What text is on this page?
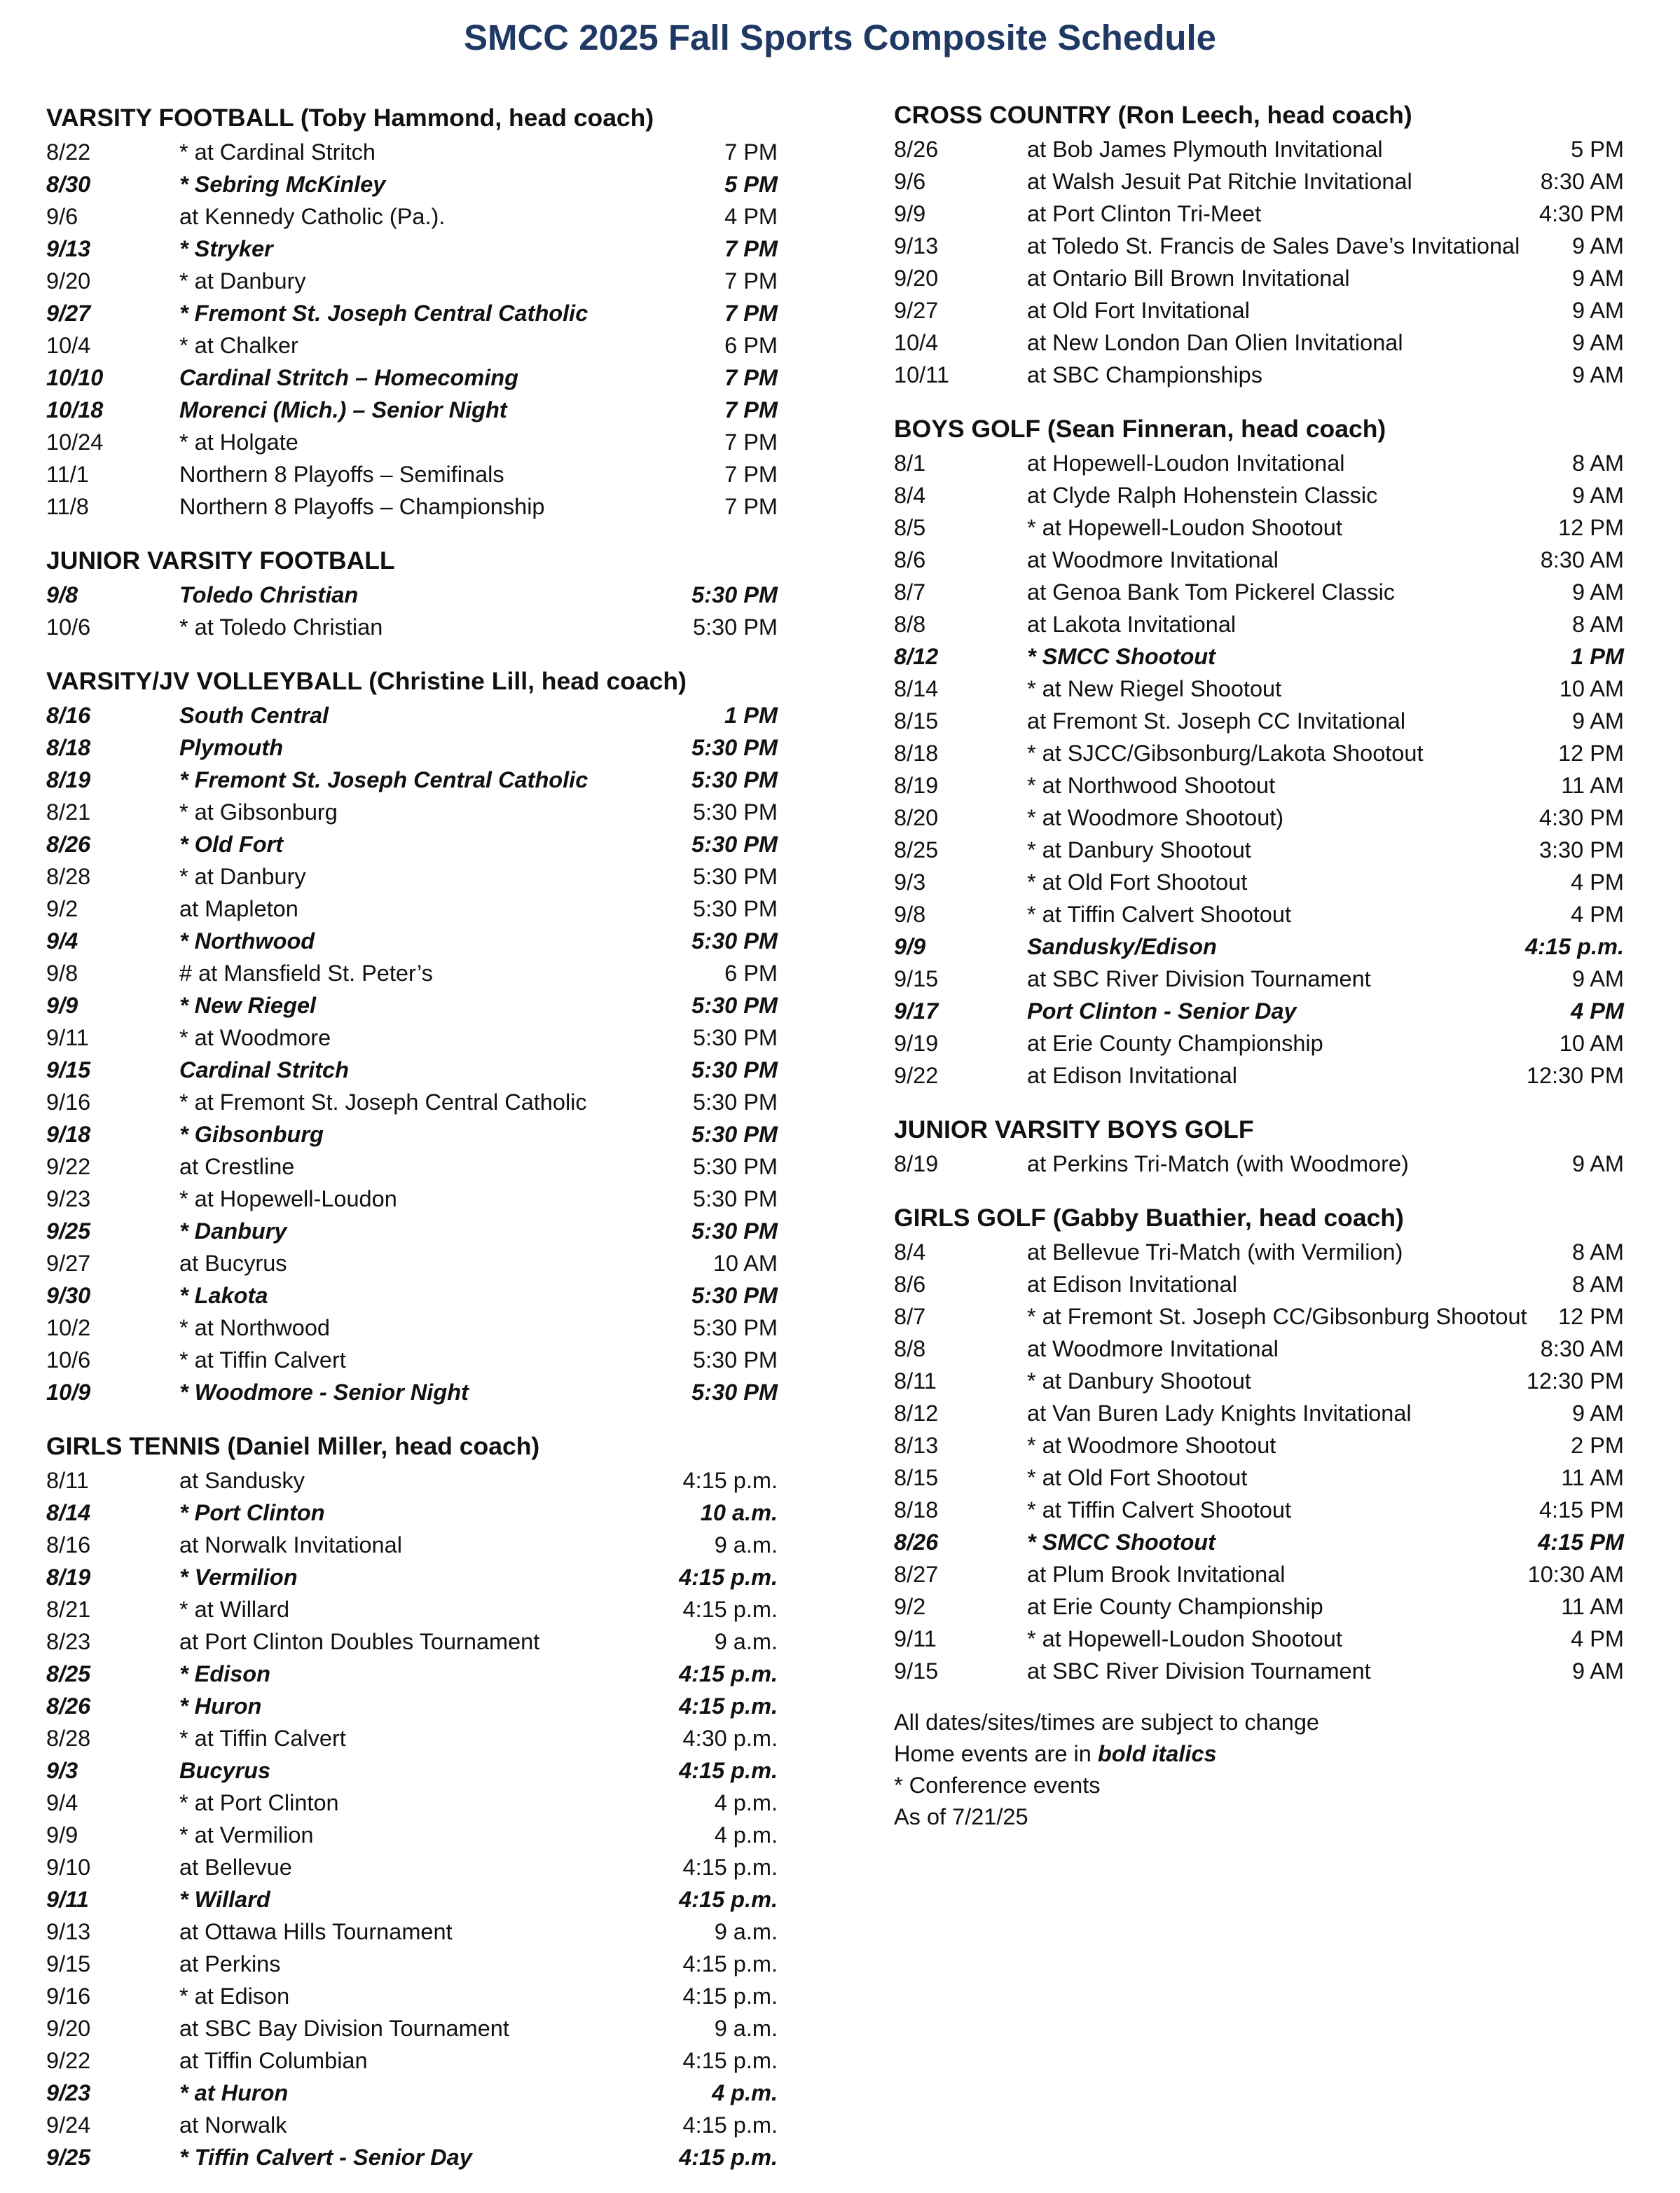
SMCC 2025 Fall Sports Composite Schedule
VARSITY FOOTBALL (Toby Hammond, head coach)
8/22	* at Cardinal Stritch	7 PM
8/30	* Sebring McKinley	5 PM
9/6	at Kennedy Catholic (Pa.).	4 PM
9/13	* Stryker	7 PM
9/20	* at Danbury	7 PM
9/27	* Fremont St. Joseph Central Catholic	7 PM
10/4	* at Chalker	6 PM
10/10	Cardinal Stritch – Homecoming	7 PM
10/18	Morenci (Mich.) – Senior Night	7 PM
10/24	* at Holgate	7 PM
11/1	Northern 8 Playoffs – Semifinals	7 PM
11/8	Northern 8 Playoffs – Championship	7 PM
JUNIOR VARSITY FOOTBALL
9/8	Toledo Christian	5:30 PM
10/6	* at Toledo Christian	5:30 PM
VARSITY/JV VOLLEYBALL (Christine Lill, head coach)
8/16	South Central	1 PM
8/18	Plymouth	5:30 PM
8/19	* Fremont St. Joseph Central Catholic	5:30 PM
8/21	* at Gibsonburg	5:30 PM
8/26	* Old Fort	5:30 PM
8/28	* at Danbury	5:30 PM
9/2	at Mapleton	5:30 PM
9/4	* Northwood	5:30 PM
9/8	# at Mansfield St. Peter’s	6 PM
9/9	* New Riegel	5:30 PM
9/11	* at Woodmore	5:30 PM
9/15	Cardinal Stritch	5:30 PM
9/16	* at Fremont St. Joseph Central Catholic	5:30 PM
9/18	* Gibsonburg	5:30 PM
9/22	at Crestline	5:30 PM
9/23	* at Hopewell-Loudon	5:30 PM
9/25	* Danbury	5:30 PM
9/27	at Bucyrus	10 AM
9/30	* Lakota	5:30 PM
10/2	* at Northwood	5:30 PM
10/6	* at Tiffin Calvert	5:30 PM
10/9	* Woodmore - Senior Night	5:30 PM
GIRLS TENNIS (Daniel Miller, head coach)
8/11	at Sandusky	4:15 p.m.
8/14	* Port Clinton	10 a.m.
8/16	at Norwalk Invitational	9 a.m.
8/19	* Vermilion	4:15 p.m.
8/21	* at Willard	4:15 p.m.
8/23	at Port Clinton Doubles Tournament	9 a.m.
8/25	* Edison	4:15 p.m.
8/26	* Huron	4:15 p.m.
8/28	* at Tiffin Calvert	4:30 p.m.
9/3	Bucyrus	4:15 p.m.
9/4	* at Port Clinton	4 p.m.
9/9	* at Vermilion	4 p.m.
9/10	at Bellevue	4:15 p.m.
9/11	* Willard	4:15 p.m.
9/13	at Ottawa Hills Tournament	9 a.m.
9/15	at Perkins	4:15 p.m.
9/16	* at Edison	4:15 p.m.
9/20	at SBC Bay Division Tournament	9 a.m.
9/22	at Tiffin Columbian	4:15 p.m.
9/23	* at Huron	4 p.m.
9/24	at Norwalk	4:15 p.m.
9/25	* Tiffin Calvert - Senior Day	4:15 p.m.
CROSS COUNTRY (Ron Leech, head coach)
8/26	at Bob James Plymouth Invitational	5 PM
9/6	at Walsh Jesuit Pat Ritchie Invitational	8:30 AM
9/9	at Port Clinton Tri-Meet	4:30 PM
9/13	at Toledo St. Francis de Sales Dave’s Invitational	9 AM
9/20	at Ontario Bill Brown Invitational	9 AM
9/27	at Old Fort Invitational	9 AM
10/4	at New London Dan Olien Invitational	9 AM
10/11	at SBC Championships	9 AM
BOYS GOLF (Sean Finneran, head coach)
8/1	at Hopewell-Loudon Invitational	8 AM
8/4	at Clyde Ralph Hohenstein Classic	9 AM
8/5	* at Hopewell-Loudon Shootout	12 PM
8/6	at Woodmore Invitational	8:30 AM
8/7	at Genoa Bank Tom Pickerel Classic	9 AM
8/8	at Lakota Invitational	8 AM
8/12	* SMCC Shootout	1 PM
8/14	* at New Riegel Shootout	10 AM
8/15	at Fremont St. Joseph CC Invitational	9 AM
8/18	* at SJCC/Gibsonburg/Lakota Shootout	12 PM
8/19	* at Northwood Shootout	11 AM
8/20	* at Woodmore Shootout)	4:30 PM
8/25	* at Danbury Shootout	3:30 PM
9/3	* at Old Fort Shootout	4 PM
9/8	* at Tiffin Calvert Shootout	4 PM
9/9	Sandusky/Edison	4:15 p.m.
9/15	at SBC River Division Tournament	9 AM
9/17	Port Clinton - Senior Day	4 PM
9/19	at Erie County Championship	10 AM
9/22	at Edison Invitational	12:30 PM
JUNIOR VARSITY BOYS GOLF
8/19	at Perkins Tri-Match (with Woodmore)	9 AM
GIRLS GOLF (Gabby Buathier, head coach)
8/4	at Bellevue Tri-Match (with Vermilion)	8 AM
8/6	at Edison Invitational	8 AM
8/7	* at Fremont St. Joseph CC/Gibsonburg Shootout	12 PM
8/8	at Woodmore Invitational	8:30 AM
8/11	* at Danbury Shootout	12:30 PM
8/12	at Van Buren Lady Knights Invitational	9 AM
8/13	* at Woodmore Shootout	2 PM
8/15	* at Old Fort Shootout	11 AM
8/18	* at Tiffin Calvert Shootout	4:15 PM
8/26	* SMCC Shootout	4:15 PM
8/27	at Plum Brook Invitational	10:30 AM
9/2	at Erie County Championship	11 AM
9/11	* at Hopewell-Loudon Shootout	4 PM
9/15	at SBC River Division Tournament	9 AM
All dates/sites/times are subject to change
Home events are in bold italics
* Conference events
As of 7/21/25
